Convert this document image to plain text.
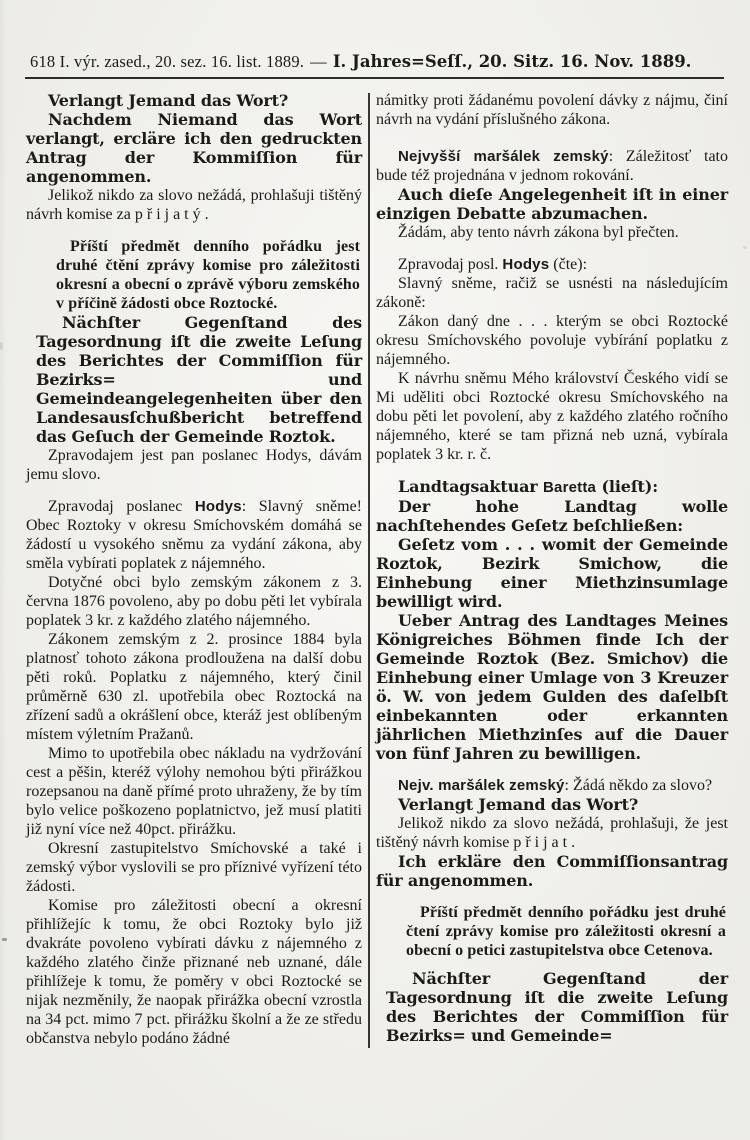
618 I. výr. zased., 20. sez. 16. list. 1889. — I. Jahres=Seſſ., 20. Sitz. 16. Nov. 1889.

Verlangt Jemand das Wort?

Nachdem Niemand das Wort verlangt, ercläre ich den gedruckten Antrag der Kommiſſion für angenommen.

Jelikož nikdo za slovo nežádá, prohlašuji tištěný návrh komise za přijatý.

Příští předmět denního pořádku jest druhé čtění zprávy komise pro záležitosti okresní a obecní o zprávě výboru zemského v příčině žádosti obce Roztocké.

Nächſter Gegenſtand des Tagesordnung iſt die zweite Leſung des Berichtes der Commiſſion für Bezirks= und Gemeindeangelegenheiten über den Landesausſchußbericht betreffend das Geſuch der Gemeinde Roztok.

Zpravodajem jest pan poslanec Hodys, dávám jemu slovo.

Zpravodaj poslanec Hodys: Slavný sněme! Obec Roztoky v okresu Smíchovském domáhá se žádostí u vysokého sněmu za vydání zákona, aby směla vybírati poplatek z nájemného.

Dotyčné obci bylo zemským zákonem z 3. června 1876 povoleno, aby po dobu pěti let vybírala poplatek 3 kr. z každého zlatého nájemného.

Zákonem zemským z 2. prosince 1884 byla platnosť tohoto zákona prodloužena na další dobu pěti roků. Poplatku z nájemného, který činil průměrně 630 zl. upotřebila obec Roztocká na zřízení sadů a okrášlení obce, kteráž jest oblíbeným místem výletním Pražanů.

Mimo to upotřebila obec nákladu na vydržování cest a pěšin, kteréž výlohy nemohou býti přirážkou rozepsanou na daně přímé proto uhraženy, že by tím bylo velice poškozeno poplatnictvo, jež musí platiti již nyní více než 40pct. přirážku.

Okresní zastupitelstvo Smíchovské a také i zemský výbor vyslovili se pro příznivé vyřízení této žádosti.

Komise pro záležitosti obecní a okresní přihlížejíc k tomu, že obci Roztoky bylo již dvakráte povoleno vybírati dávku z nájemného z každého zlatého činže přiznané neb uznané, dále přihlížeje k tomu, že poměry v obci Roztocké se nijak nezměnily, že naopak přirážka obecní vzrostla na 34 pct. mimo 7 pct. přirážku školní a že ze středu občanstva nebylo podáno žádné

námitky proti žádanému povolení dávky z nájmu, činí návrh na vydání příslušného zákona.

Nejvyšší maršálek zemský: Záležitosť tato bude též projednána v jednom rokování.

Auch dieſe Angelegenheit iſt in einer einzigen Debatte abzumachen.

Žádám, aby tento návrh zákona byl přečten.

Zpravodaj posl. Hodys (čte):

Slavný sněme, račiž se usnésti na následujícím zákoně:

Zákon daný dne . . . kterým se obci Roztocké okresu Smíchovského povoluje vybírání poplatku z nájemného.

K návrhu sněmu Mého království Českého vidí se Mi uděliti obci Roztocké okresu Smíchovského na dobu pěti let povolení, aby z každého zlatého ročního nájemného, které se tam přizná neb uzná, vybírala poplatek 3 kr. r. č.

Landtagsaktuar Baretta (lieſt):

Der hohe Landtag wolle nachſtehendes Geſetz beſchließen:

Geſetz vom . . . womit der Gemeinde Roztok, Bezirk Smichow, die Einhebung einer Miethzinsumlage bewilligt wird.

Ueber Antrag des Landtages Meines Königreiches Böhmen finde Ich der Gemeinde Roztok (Bez. Smichov) die Einhebung einer Umlage von 3 Kreuzer ö. W. von jedem Gulden des daſelbſt einbekannten oder erkannten jährlichen Miethzinſes auf die Dauer von fünf Jahren zu bewilligen.

Nejv. maršálek zemský: Žádá někdo za slovo?

Verlangt Jemand das Wort?

Jelikož nikdo za slovo nežádá, prohlašuji, že jest tištěný návrh komise přijat.

Ich erkläre den Commiſſionsantrag für angenommen.

Příští předmět denního pořádku jest druhé čtení zprávy komise pro záležitosti okresní a obecní o petici zastupitelstva obce Cetenova.

Nächſter Gegenſtand der Tagesordnung iſt die zweite Leſung des Berichtes der Commiſſion für Bezirks= und Gemeinde=
